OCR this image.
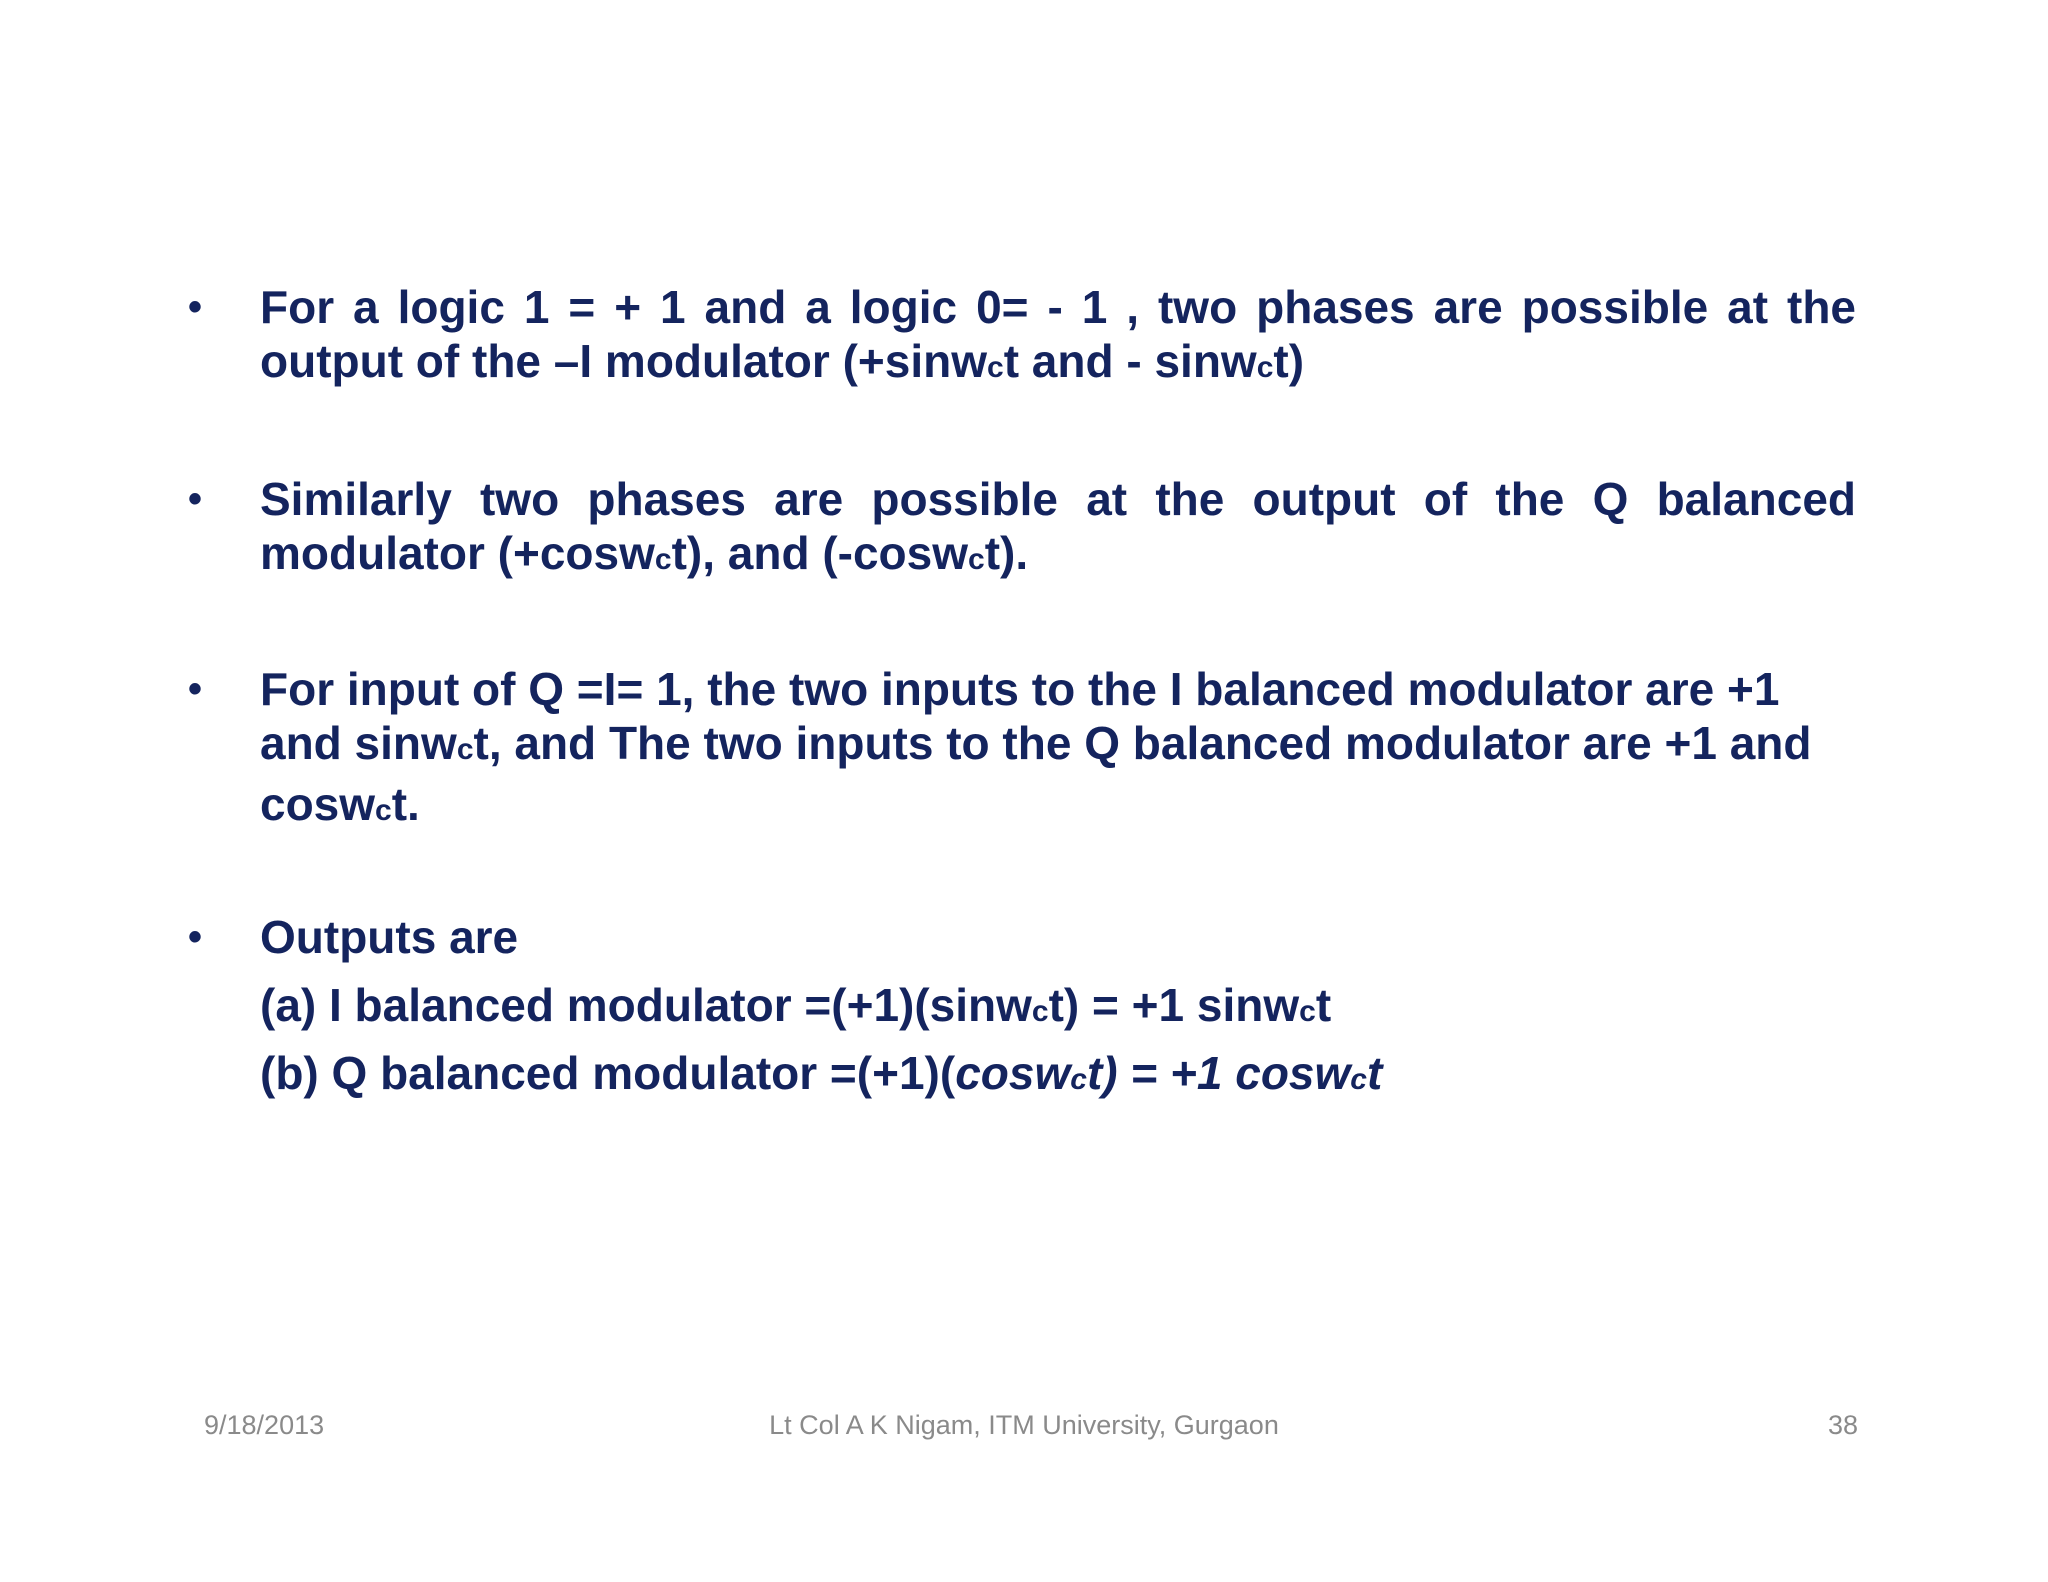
• For a logic 1 = + 1 and a logic 0= - 1 , two phases are possible at the output of the –I modulator (+sinwct and - sinwct)
• Similarly two phases are possible at the output of the Q balanced modulator (+coswct), and (-coswct).
• For input of Q =I= 1, the two inputs to the I balanced modulator are +1 and sinwct, and The two inputs to the Q balanced modulator are +1 and coswct.
• Outputs are
(a) I balanced modulator =(+1)(sinwct) = +1 sinwct
(b) Q balanced modulator =(+1)(coswct) = +1 coswct
9/18/2013	Lt Col A K Nigam, ITM University, Gurgaon	38
